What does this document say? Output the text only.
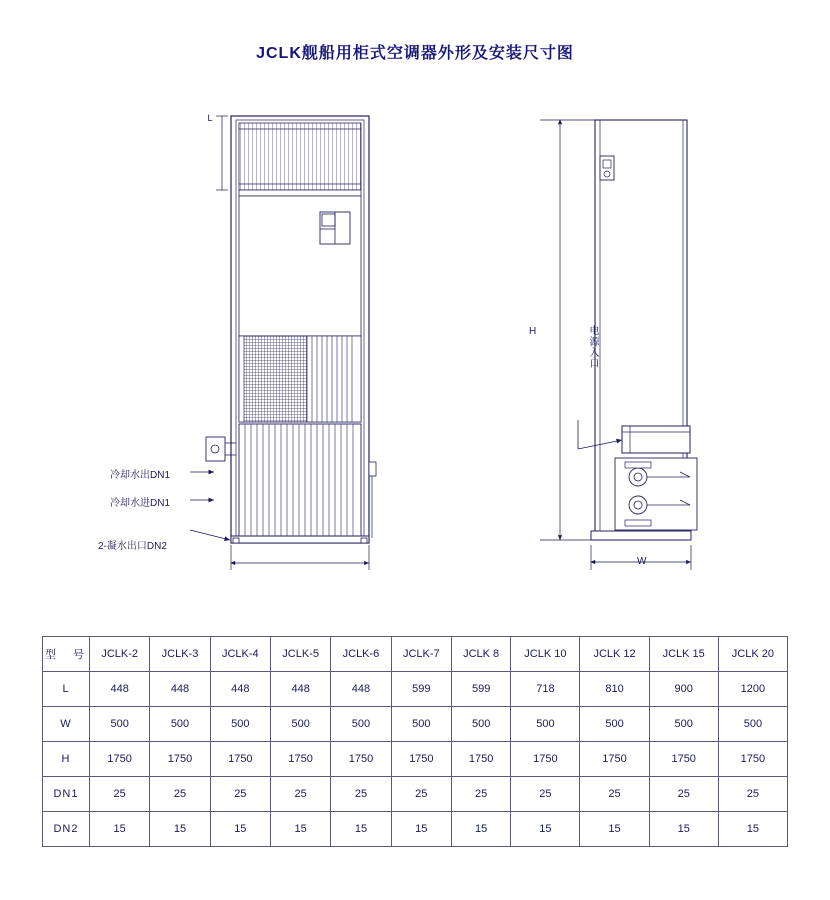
JCLK舰船用柜式空调器外形及安装尺寸图
冷却水出DN1
冷却水进DN1
2-凝水出口DN2
电源入口
H
W
L
型　号	JCLK-2	JCLK-3	JCLK-4	JCLK-5	JCLK-6	JCLK-7	JCLK 8	JCLK 10	JCLK 12	JCLK 15	JCLK 20
L	448	448	448	448	448	599	599	718	810	900	1200
W	500	500	500	500	500	500	500	500	500	500	500
H	1750	1750	1750	1750	1750	1750	1750	1750	1750	1750	1750
DN1	25	25	25	25	25	25	25	25	25	25	25
DN2	15	15	15	15	15	15	15	15	15	15	15
